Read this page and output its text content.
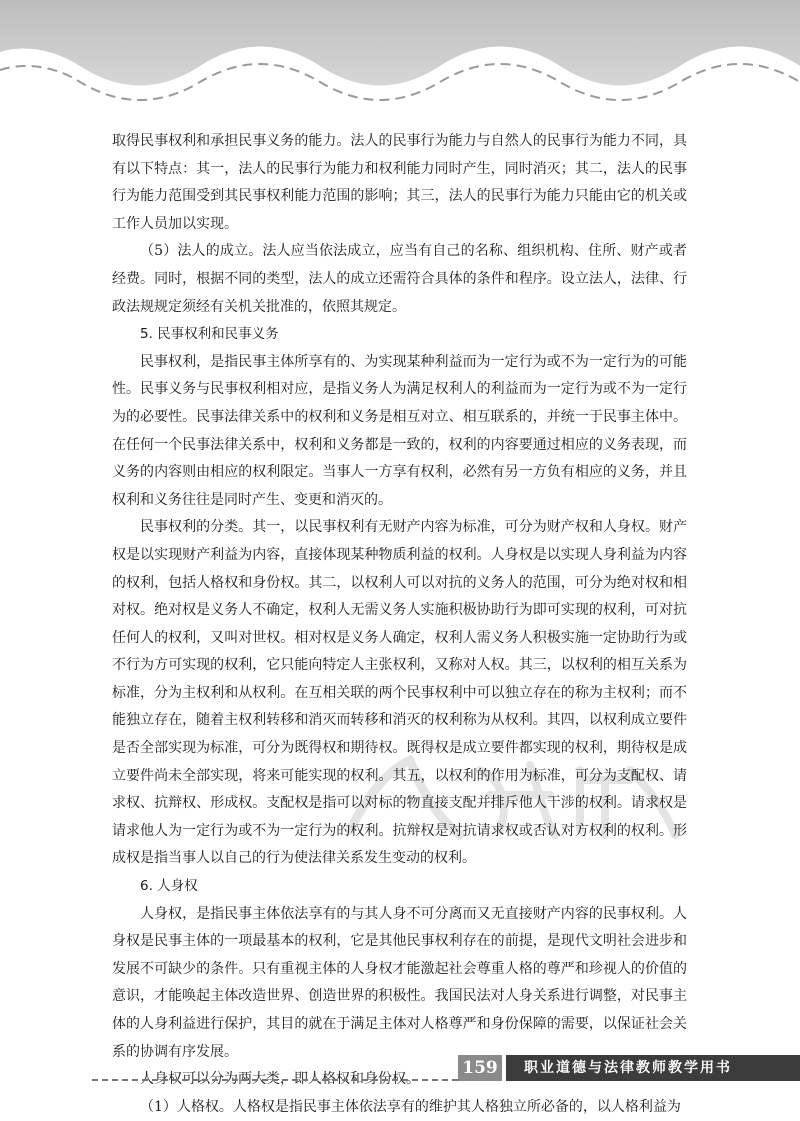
取得民事权利和承担民事义务的能力。法人的民事行为能力与自然人的民事行为能力不同，具有以下特点：其一，法人的民事行为能力和权利能力同时产生，同时消灭；其二，法人的民事行为能力范围受到其民事权利能力范围的影响；其三，法人的民事行为能力只能由它的机关或工作人员加以实现。

（5）法人的成立。法人应当依法成立，应当有自己的名称、组织机构、住所、财产或者经费。同时，根据不同的类型，法人的成立还需符合具体的条件和程序。设立法人，法律、行政法规规定须经有关机关批准的，依照其规定。

5. 民事权利和民事义务

民事权利，是指民事主体所享有的、为实现某种利益而为一定行为或不为一定行为的可能性。民事义务与民事权利相对应，是指义务人为满足权利人的利益而为一定行为或不为一定行为的必要性。民事法律关系中的权利和义务是相互对立、相互联系的，并统一于民事主体中。在任何一个民事法律关系中，权利和义务都是一致的，权利的内容要通过相应的义务表现，而义务的内容则由相应的权利限定。当事人一方享有权利，必然有另一方负有相应的义务，并且权利和义务往往是同时产生、变更和消灭的。

民事权利的分类。其一，以民事权利有无财产内容为标准，可分为财产权和人身权。财产权是以实现财产利益为内容，直接体现某种物质利益的权利。人身权是以实现人身利益为内容的权利，包括人格权和身份权。其二，以权利人可以对抗的义务人的范围，可分为绝对权和相对权。绝对权是义务人不确定，权利人无需义务人实施积极协助行为即可实现的权利，可对抗任何人的权利，又叫对世权。相对权是义务人确定，权利人需义务人积极实施一定协助行为或不行为方可实现的权利，它只能向特定人主张权利，又称对人权。其三，以权利的相互关系为标准，分为主权利和从权利。在互相关联的两个民事权利中可以独立存在的称为主权利；而不能独立存在，随着主权利转移和消灭而转移和消灭的权利称为从权利。其四，以权利成立要件是否全部实现为标准，可分为既得权和期待权。既得权是成立要件都实现的权利，期待权是成立要件尚未全部实现，将来可能实现的权利。其五，以权利的作用为标准，可分为支配权、请求权、抗辩权、形成权。支配权是指可以对标的物直接支配并排斥他人干涉的权利。请求权是请求他人为一定行为或不为一定行为的权利。抗辩权是对抗请求权或否认对方权利的权利。形成权是指当事人以自己的行为使法律关系发生变动的权利。

6. 人身权

人身权，是指民事主体依法享有的与其人身不可分离而又无直接财产内容的民事权利。人身权是民事主体的一项最基本的权利，它是其他民事权利存在的前提，是现代文明社会进步和发展不可缺少的条件。只有重视主体的人身权才能激起社会尊重人格的尊严和珍视人的价值的意识，才能唤起主体改造世界、创造世界的积极性。我国民法对人身关系进行调整，对民事主体的人身利益进行保护，其目的就在于满足主体对人格尊严和身份保障的需要，以保证社会关系的协调有序发展。

人身权可以分为两大类，即人格权和身份权。

（1）人格权。人格权是指民事主体依法享有的维护其人格独立所必备的，以人格利益为

159	职业道德与法律教师教学用书
